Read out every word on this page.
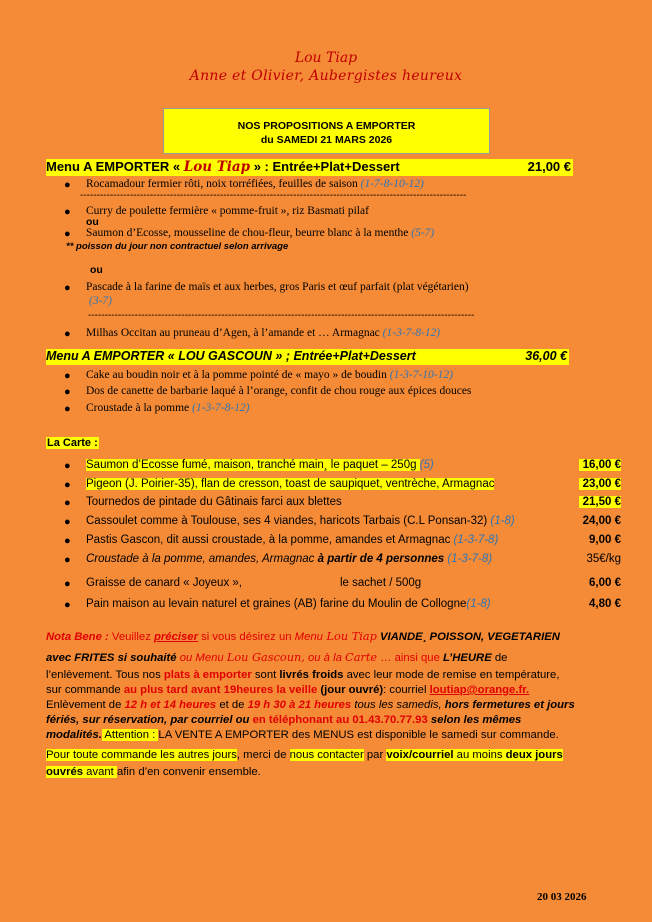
Lou Tiap
Anne et Olivier, Aubergistes heureux
NOS PROPOSITIONS A EMPORTER
du SAMEDI 21 MARS 2026
Menu A EMPORTER « Lou Tiap » : Entrée+Plat+Dessert	21,00 €
● Rocamadour fermier rôti, noix torréfiées, feuilles de saison (1-7-8-10-12)
--------------------------------------------------------------------------------------------------------------------
● Curry de poulette fermière « pomme-fruit », riz Basmati pilaf
ou
● Saumon d’Ecosse, mousseline de chou-fleur, beurre blanc à la menthe (5-7)
** poisson du jour non contractuel selon arrivage
ou
● Pascade à la farine de maïs et aux herbes, gros Paris et œuf parfait (plat végétarien)
(3-7)
--------------------------------------------------------------------------------------------------------------------
● Milhas Occitan au pruneau d’Agen, à l’amande et … Armagnac (1-3-7-8-12)
Menu A EMPORTER « LOU GASCOUN » ; Entrée+Plat+Dessert	36,00 €
● Cake au boudin noir et à la pomme pointé de « mayo » de boudin (1-3-7-10-12)
● Dos de canette de barbarie laqué à l’orange, confit de chou rouge aux épices douces
● Croustade à la pomme (1-3-7-8-12)
La Carte :
● Saumon d’Ecosse fumé, maison, tranché main¸ le paquet – 250g (5)	16,00 €
● Pigeon (J. Poirier-35), flan de cresson, toast de saupiquet, ventrèche, Armagnac	23,00 €
● Tournedos de pintade du Gâtinais farci aux blettes	21,50 €
● Cassoulet comme à Toulouse, ses 4 viandes, haricots Tarbais (C.L Ponsan-32) (1-8)	24,00 €
● Pastis Gascon, dit aussi croustade, à la pomme, amandes et Armagnac (1-3-7-8)	9,00 €
● Croustade à la pomme, amandes, Armagnac à partir de 4 personnes (1-3-7-8)	35€/kg
● Graisse de canard « Joyeux »,	le sachet / 500g	6,00 €
● Pain maison au levain naturel et graines (AB) farine du Moulin de Collogne(1-8)	4,80 €
Nota Bene : Veuillez préciser si vous désirez un Menu Lou Tiap VIANDE¸ POISSON, VEGETARIEN
avec FRITES si souhaité ou Menu Lou Gascoun, ou à la Carte … ainsi que L’HEURE de
l’enlèvement. Tous nos plats à emporter sont livrés froids avec leur mode de remise en température,
sur commande au plus tard avant 19heures la veille (jour ouvré): courriel loutiap@orange.fr.
Enlèvement de 12 h et 14 heures et de 19 h 30 à 21 heures tous les samedis, hors fermetures et jours
fériés, sur réservation, par courriel ou en téléphonant au 01.43.70.77.93 selon les mêmes
modalités. Attention : LA VENTE A EMPORTER des MENUS est disponible le samedi sur commande.
Pour toute commande les autres jours, merci de nous contacter par voix/courriel au moins deux jours
ouvrés avant afin d’en convenir ensemble.
20 03 2026
